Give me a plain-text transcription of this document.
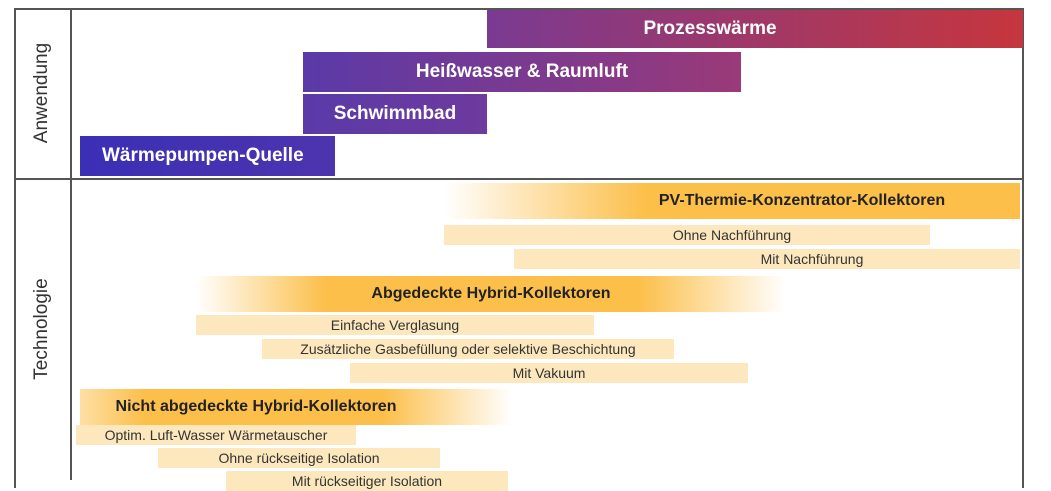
Anwendung
Technologie
Prozesswärme
Heißwasser & Raumluft
Schwimmbad
Wärmepumpen-Quelle
PV-Thermie-Konzentrator-Kollektoren
Ohne Nachführung
Mit Nachführung
Abgedeckte Hybrid-Kollektoren
Einfache Verglasung
Zusätzliche Gasbefüllung oder selektive Beschichtung
Mit Vakuum
Nicht abgedeckte Hybrid-Kollektoren
Optim. Luft-Wasser Wärmetauscher
Ohne rückseitige Isolation
Mit rückseitiger Isolation
